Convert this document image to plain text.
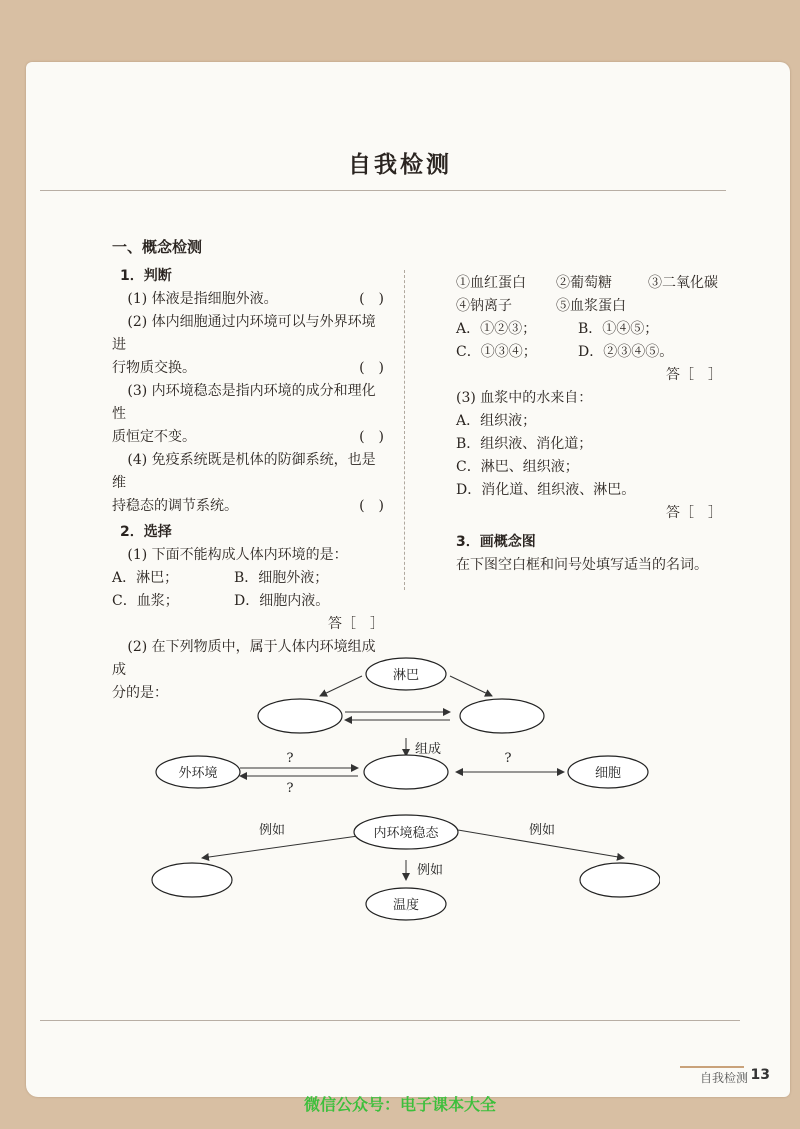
自我检测
一、概念检测
1．判断
(1) 体液是指细胞外液。	(　)
(2) 体内细胞通过内环境可以与外界环境进
行物质交换。	(　)
(3) 内环境稳态是指内环境的成分和理化性
质恒定不变。	(　)
(4) 免疫系统既是机体的防御系统，也是维
持稳态的调节系统。	(　)
2．选择
(1) 下面不能构成人体内环境的是：
A．淋巴；	B．细胞外液；
C．血浆；	D．细胞内液。
答［　］
(2) 在下列物质中，属于人体内环境组成成
分的是：
①血红蛋白	②葡萄糖	③二氧化碳
④钠离子	⑤血浆蛋白
A．①②③；	B．①④⑤；
C．①③④；	D．②③④⑤。
答［　］
(3) 血浆中的水来自：
A．组织液；
B．组织液、消化道；
C．淋巴、组织液；
D．消化道、组织液、淋巴。
答［　］
3．画概念图
在下图空白框和问号处填写适当的名词。
淋巴
外环境	细胞
内环境稳态
温度
组成
?
?
?
例如	例如
例如
自我检测 13
微信公众号：电子课本大全
